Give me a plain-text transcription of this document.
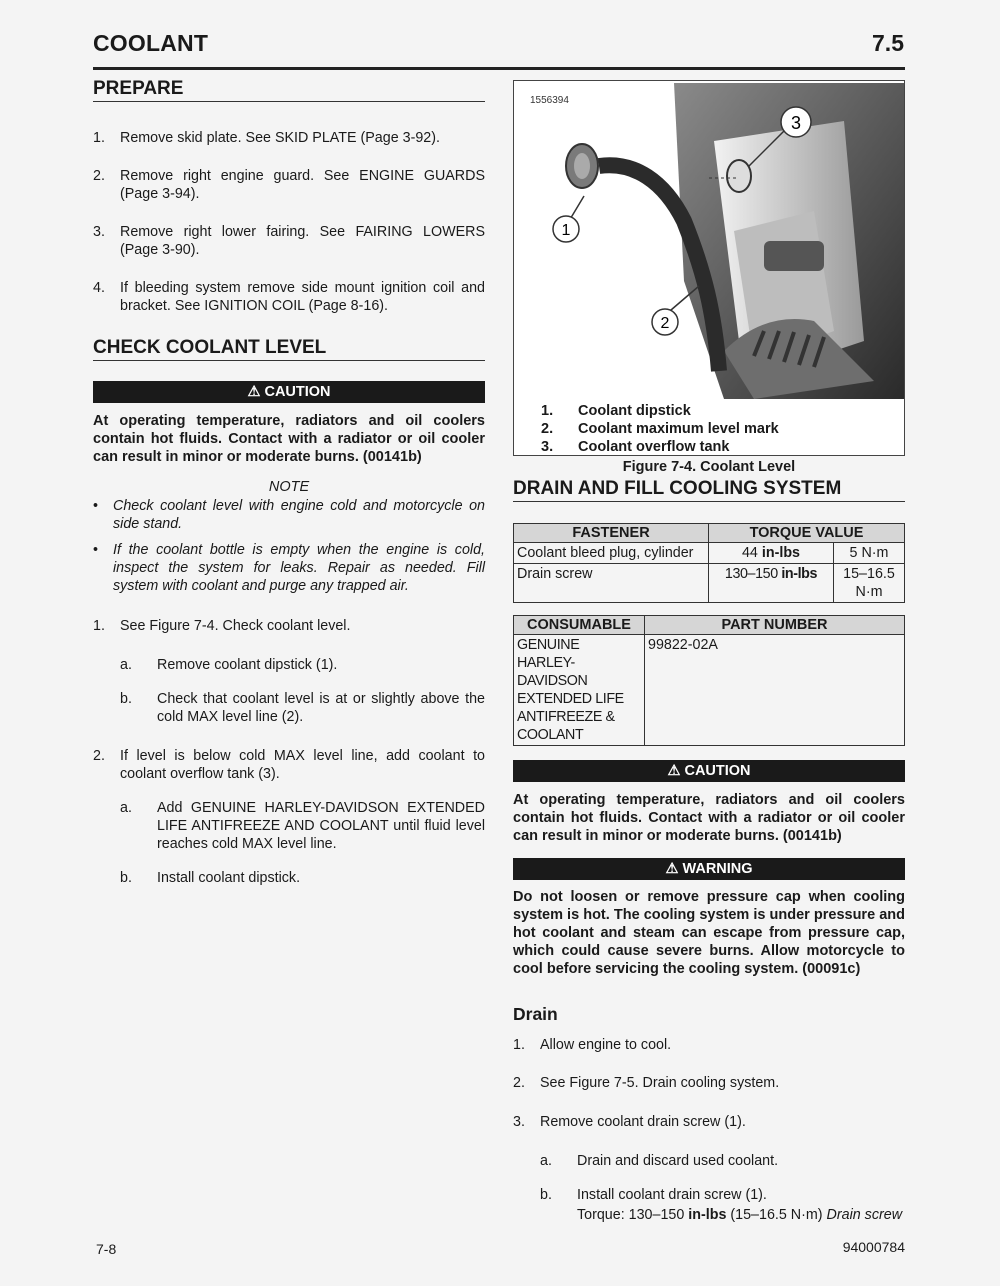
COOLANT	7.5
PREPARE
1. Remove skid plate. See SKID PLATE (Page 3-92).
2. Remove right engine guard. See ENGINE GUARDS (Page 3-94).
3. Remove right lower fairing. See FAIRING LOWERS (Page 3-90).
4. If bleeding system remove side mount ignition coil and bracket. See IGNITION COIL (Page 8-16).
CHECK COOLANT LEVEL
⚠ CAUTION
At operating temperature, radiators and oil coolers contain hot fluids. Contact with a radiator or oil cooler can result in minor or moderate burns. (00141b)
NOTE
• Check coolant level with engine cold and motorcycle on side stand.
• If the coolant bottle is empty when the engine is cold, inspect the system for leaks. Repair as needed. Fill system with coolant and purge any trapped air.
1. See Figure 7-4. Check coolant level.
a. Remove coolant dipstick (1).
b. Check that coolant level is at or slightly above the cold MAX level line (2).
2. If level is below cold MAX level line, add coolant to coolant overflow tank (3).
a. Add GENUINE HARLEY-DAVIDSON EXTENDED LIFE ANTIFREEZE AND COOLANT until fluid level reaches cold MAX level line.
b. Install coolant dipstick.
1556394
1
2
3
1. Coolant dipstick
2. Coolant maximum level mark
3. Coolant overflow tank
Figure 7-4. Coolant Level
DRAIN AND FILL COOLING SYSTEM
FASTENER	TORQUE VALUE	
Coolant bleed plug, cylinder	44 in-lbs	5 N·m
Drain screw	130–150 in-lbs	15–16.5 N·m
CONSUMABLE	PART NUMBER

GENUINE
HARLEY-DAVIDSON
EXTENDED LIFE
ANTIFREEZE &
COOLANT	99822-02A
⚠ CAUTION
At operating temperature, radiators and oil coolers contain hot fluids. Contact with a radiator or oil cooler can result in minor or moderate burns. (00141b)
⚠ WARNING
Do not loosen or remove pressure cap when cooling system is hot. The cooling system is under pressure and hot coolant and steam can escape from pressure cap, which could cause severe burns. Allow motorcycle to cool before servicing the cooling system. (00091c)
Drain
1. Allow engine to cool.
2. See Figure 7-5. Drain cooling system.
3. Remove coolant drain screw (1).
a. Drain and discard used coolant.
b. Install coolant drain screw (1).
Torque: 130–150 in-lbs (15–16.5 N·m) Drain screw
7-8	94000784
